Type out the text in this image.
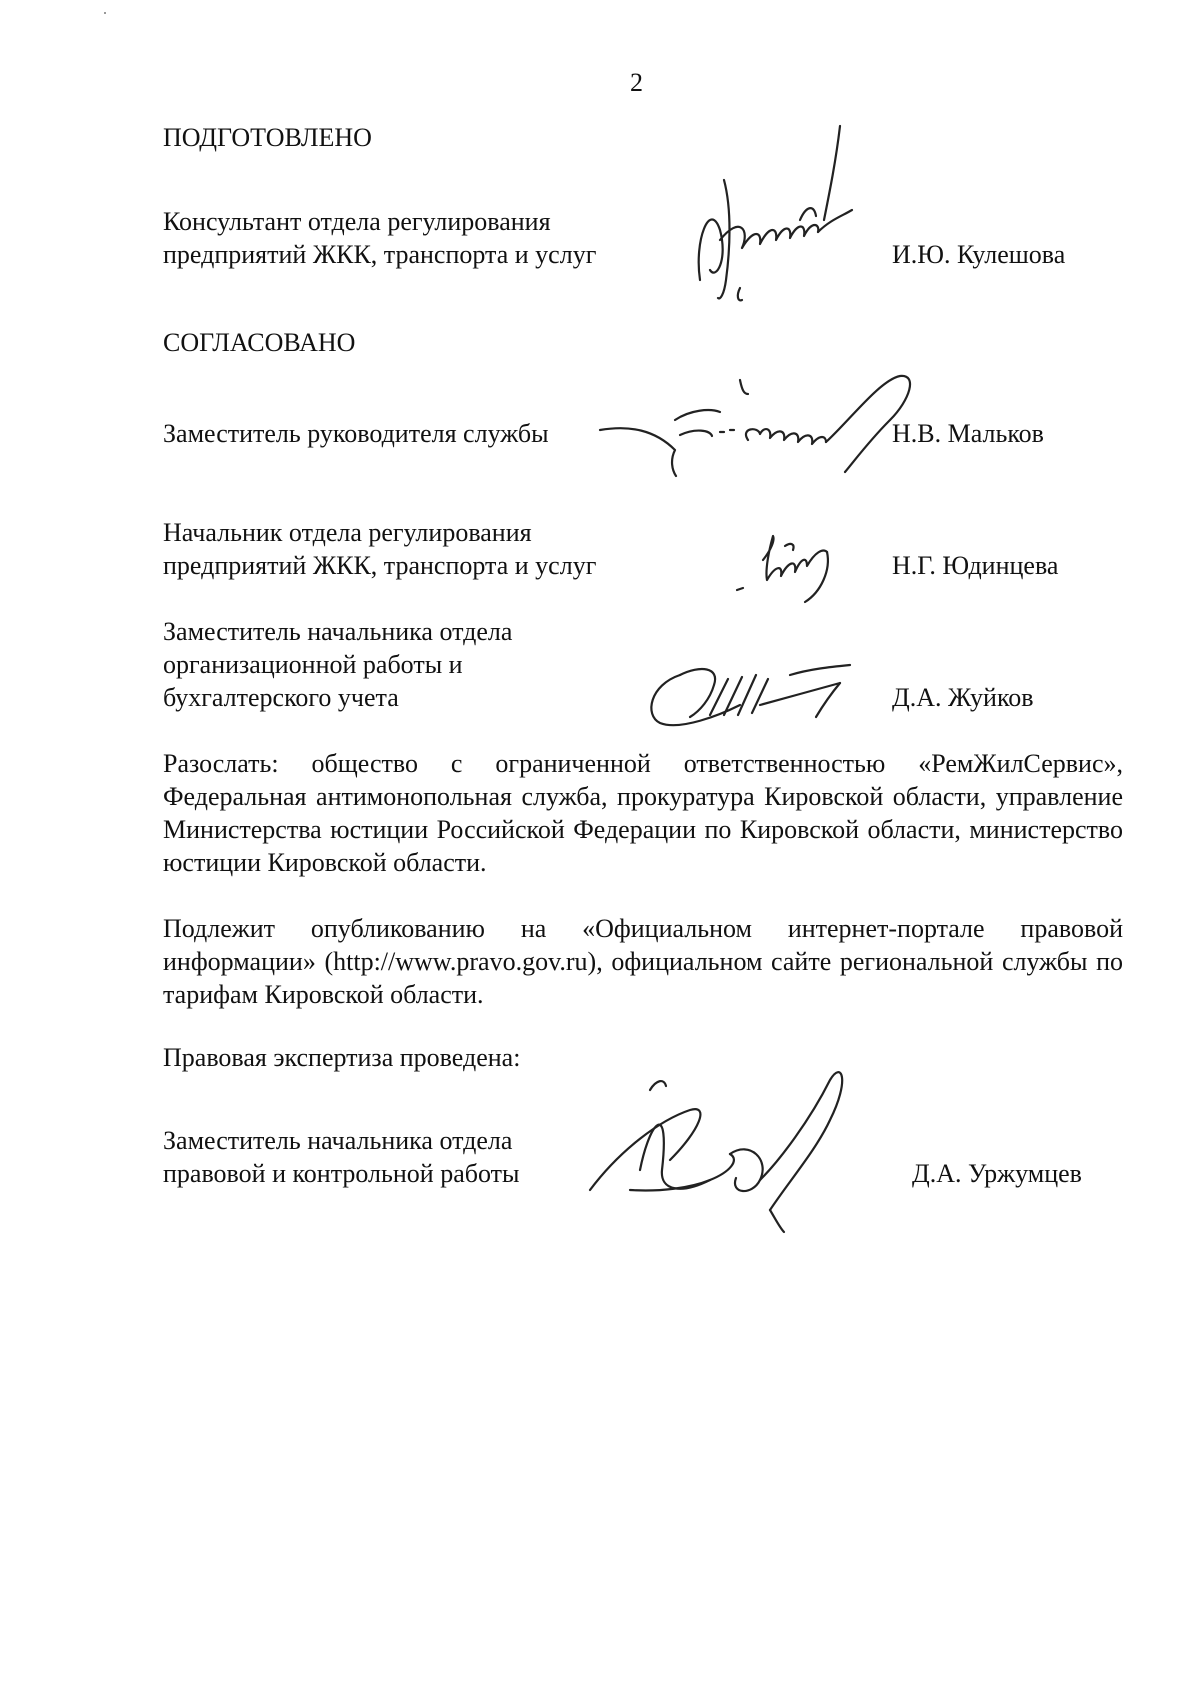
2
ПОДГОТОВЛЕНО
Консультант отдела регулирования
предприятий ЖКК, транспорта и услуг	И.Ю. Кулешова
СОГЛАСОВАНО
Заместитель руководителя службы	Н.В. Мальков
Начальник отдела регулирования
предприятий ЖКК, транспорта и услуг	Н.Г. Юдинцева
Заместитель начальника отдела
организационной работы и
бухгалтерского учета	Д.А. Жуйков
Разослать: общество с ограниченной ответственностью «РемЖилСервис», Федеральная антимонопольная служба, прокуратура Кировской области, управление Министерства юстиции Российской Федерации по Кировской области, министерство юстиции Кировской области.
Подлежит опубликованию на «Официальном интернет-портале правовой информации» (http://www.pravo.gov.ru), официальном сайте региональной службы по тарифам Кировской области.
Правовая экспертиза проведена:
Заместитель начальника отдела
правовой и контрольной работы	Д.А. Уржумцев
